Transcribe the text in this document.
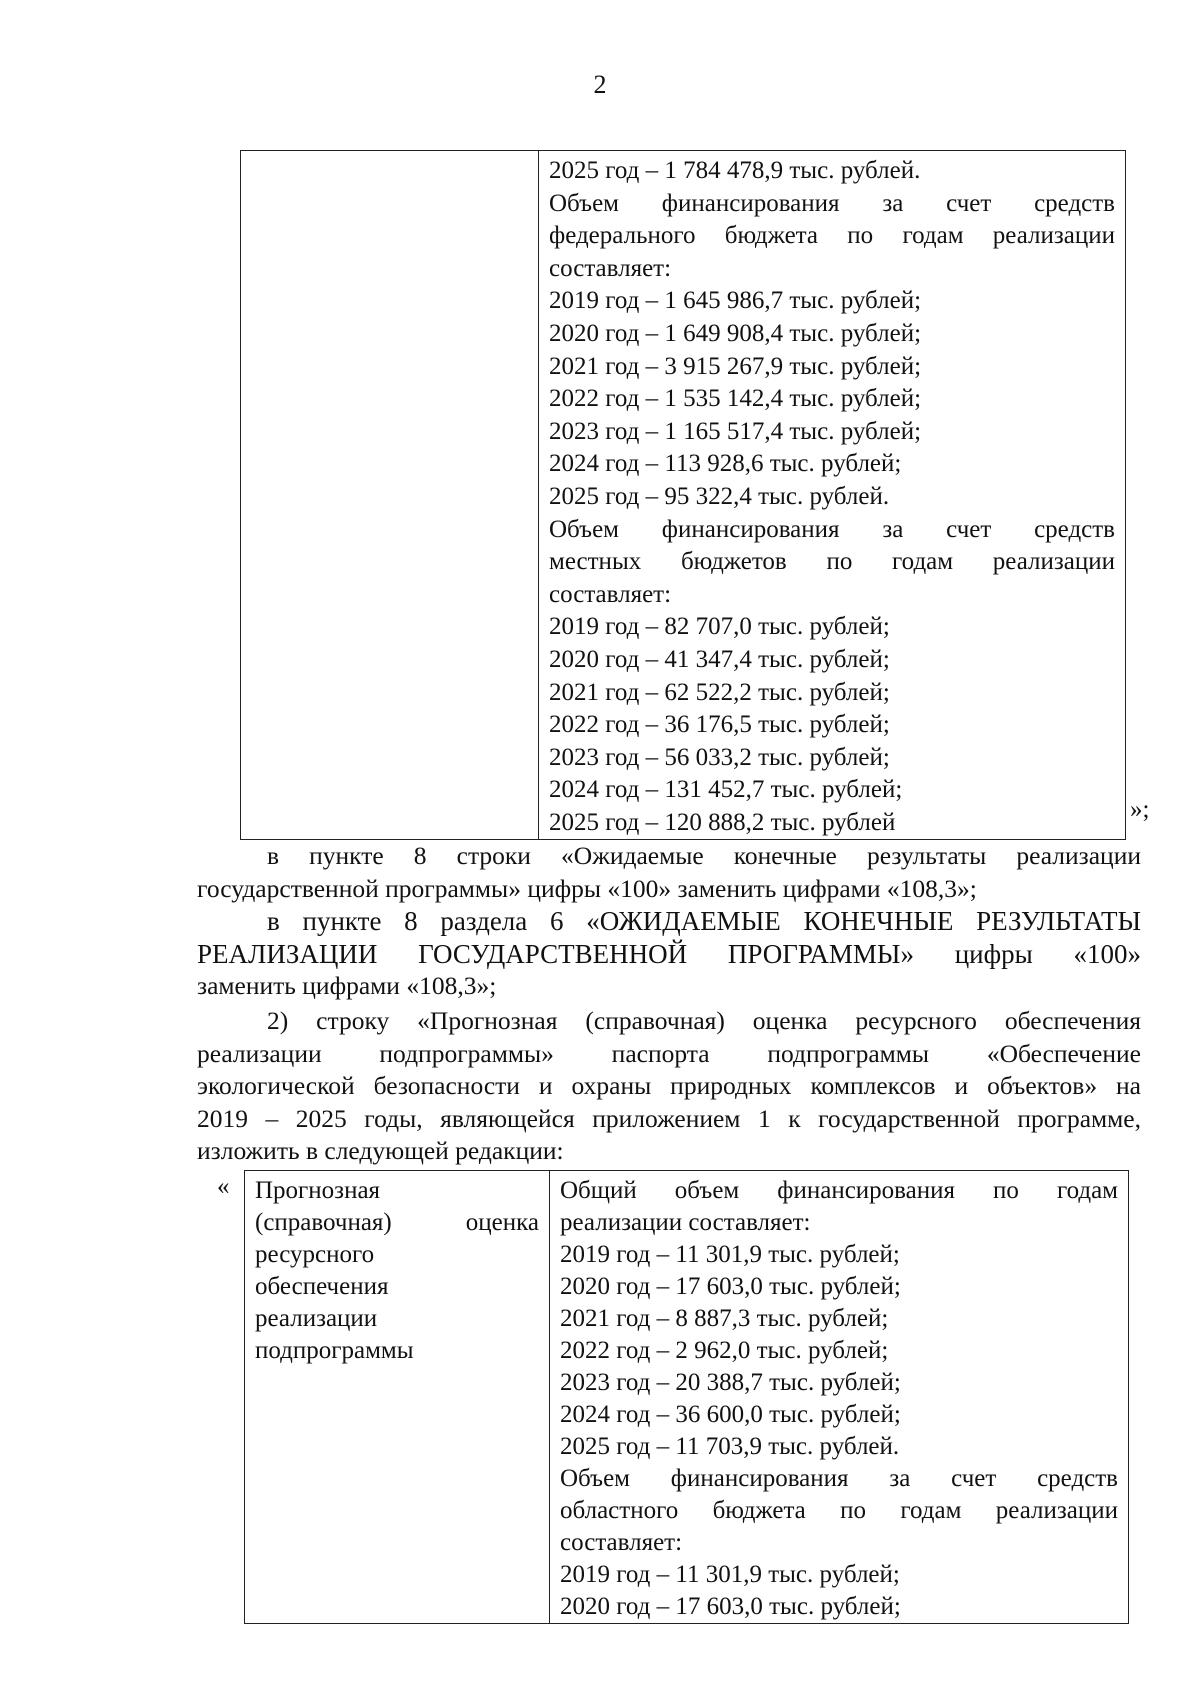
2

2025 год – 1 784 478,9 тыс. рублей.
Объем финансирования за счет средств
федерального бюджета по годам реализации
составляет:
2019 год – 1 645 986,7 тыс. рублей;
2020 год – 1 649 908,4 тыс. рублей;
2021 год – 3 915 267,9 тыс. рублей;
2022 год – 1 535 142,4 тыс. рублей;
2023 год – 1 165 517,4 тыс. рублей;
2024 год – 113 928,6 тыс. рублей;
2025 год – 95 322,4 тыс. рублей.
Объем финансирования за счет средств
местных бюджетов по годам реализации
составляет:
2019 год – 82 707,0 тыс. рублей;
2020 год – 41 347,4 тыс. рублей;
2021 год – 62 522,2 тыс. рублей;
2022 год – 36 176,5 тыс. рублей;
2023 год – 56 033,2 тыс. рублей;
2024 год – 131 452,7 тыс. рублей;
2025 год – 120 888,2 тыс. рублей	»;
в пункте 8 строки «Ожидаемые конечные результаты реализации
государственной программы» цифры «100» заменить цифрами «108,3»;
в пункте 8 раздела 6 «ОЖИДАЕМЫЕ КОНЕЧНЫЕ РЕЗУЛЬТАТЫ
РЕАЛИЗАЦИИ ГОСУДАРСТВЕННОЙ ПРОГРАММЫ» цифры «100»
заменить цифрами «108,3»;
2) строку «Прогнозная (справочная) оценка ресурсного обеспечения
реализации подпрограммы» паспорта подпрограммы «Обеспечение
экологической безопасности и охраны природных комплексов и объектов» на
2019 – 2025 годы, являющейся приложением 1 к государственной программе,
изложить в следующей редакции:
« Прогнозная
(справочная) оценка
ресурсного
обеспечения
реализации
подпрограммы

Общий объем финансирования по годам
реализации составляет:
2019 год – 11 301,9 тыс. рублей;
2020 год – 17 603,0 тыс. рублей;
2021 год – 8 887,3 тыс. рублей;
2022 год – 2 962,0 тыс. рублей;
2023 год – 20 388,7 тыс. рублей;
2024 год – 36 600,0 тыс. рублей;
2025 год – 11 703,9 тыс. рублей.
Объем финансирования за счет средств
областного бюджета по годам реализации
составляет:
2019 год – 11 301,9 тыс. рублей;
2020 год – 17 603,0 тыс. рублей;
